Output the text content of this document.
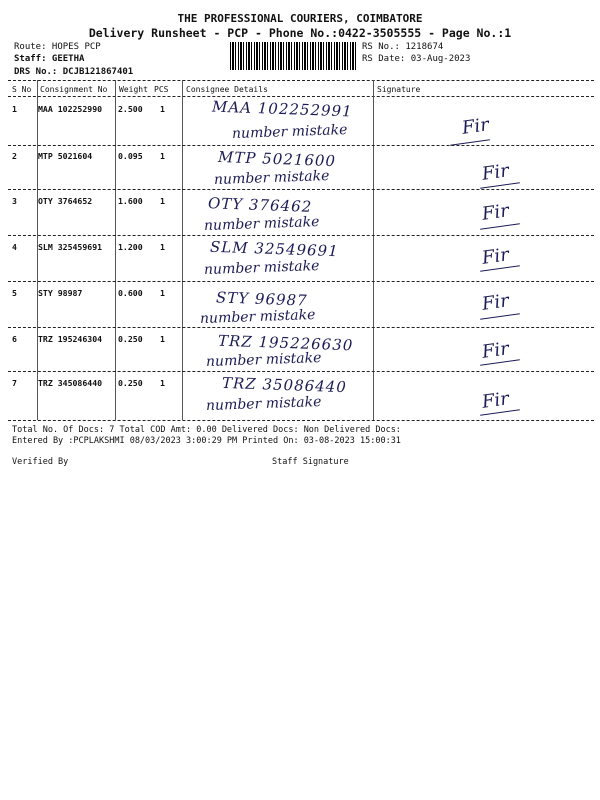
THE PROFESSIONAL COURIERS, COIMBATORE
Delivery Runsheet - PCP - Phone No.:0422-3505555 - Page No.:1
Route: HOPES PCP
Staff: GEETHA
DRS No.: DCJB121867401
RS No.: 1218674
RS Date: 03-Aug-2023
S No Consignment No Weight PCS Consignee Details	Signature
1	MAA 102252990 2.500 1	MAA 102252991
number mistake	Fir
2	MTP 5021604	0.095 1	MTP 5021600
number mistake	Fir
3	OTY 3764652	1.600 1	OTY 376462
number mistake	Fir
4	SLM 325459691 1.200 1	SLM 32549691
number mistake	Fir
5	STY 98987	0.600 1	STY 96987
number mistake
Fir
6	TRZ 195246304 0.250 1	TRZ 195226630
number mistake	Fir
7	TRZ 345086440 0.250 1	TRZ 35086440
number mistake	Fir
Total No. Of Docs: 7 Total COD Amt: 0.00 Delivered Docs: Non Delivered Docs:
Entered By :PCPLAKSHMI 08/03/2023 3:00:29 PM Printed On: 03-08-2023 15:00:31
Verified By	Staff Signature
